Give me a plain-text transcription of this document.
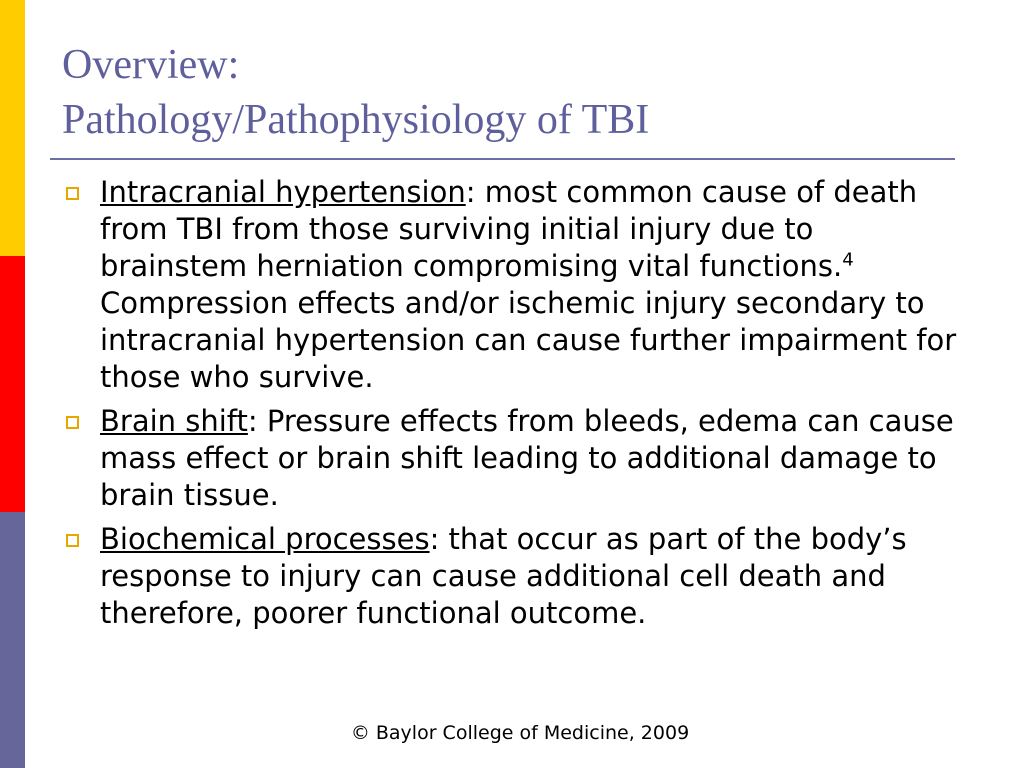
Overview:
Pathology/Pathophysiology of TBI
Intracranial hypertension: most common cause of death from TBI from those surviving initial injury due to brainstem herniation compromising vital functions.$^4$ Compression effects and/or ischemic injury secondary to intracranial hypertension can cause further impairment for those who survive.
Brain shift: Pressure effects from bleeds, edema can cause mass effect or brain shift leading to additional damage to brain tissue.
Biochemical processes: that occur as part of the body’s response to injury can cause additional cell death and therefore, poorer functional outcome.
© Baylor College of Medicine, 2009
